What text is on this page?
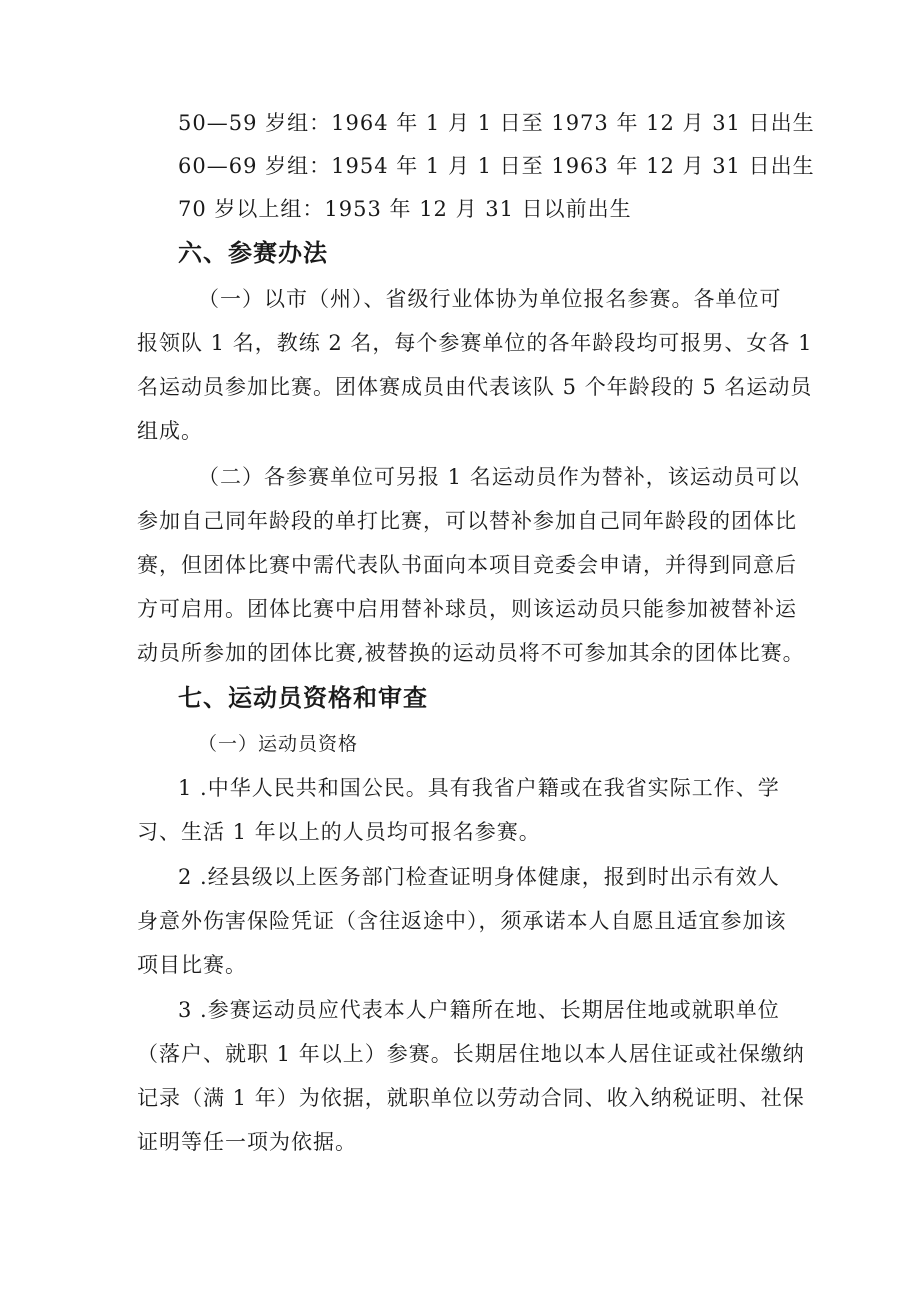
50—59 岁组：1964 年 1 月 1 日至 1973 年 12 月 31 日出生
60—69 岁组：1954 年 1 月 1 日至 1963 年 12 月 31 日出生
70 岁以上组：1953 年 12 月 31 日以前出生
六、参赛办法
（一）以市（州）、省级行业体协为单位报名参赛。各单位可
报领队 1 名，教练 2 名，每个参赛单位的各年龄段均可报男、女各 1
名运动员参加比赛。团体赛成员由代表该队 5 个年龄段的 5 名运动员
组成。
（二）各参赛单位可另报 1 名运动员作为替补，该运动员可以
参加自己同年龄段的单打比赛，可以替补参加自己同年龄段的团体比
赛，但团体比赛中需代表队书面向本项目竞委会申请，并得到同意后
方可启用。团体比赛中启用替补球员，则该运动员只能参加被替补运
动员所参加的团体比赛,被替换的运动员将不可参加其余的团体比赛。
七、运动员资格和审查
（一）运动员资格
1 .中华人民共和国公民。具有我省户籍或在我省实际工作、学
习、生活 1 年以上的人员均可报名参赛。
2 .经县级以上医务部门检查证明身体健康，报到时出示有效人
身意外伤害保险凭证（含往返途中），须承诺本人自愿且适宜参加该
项目比赛。
3 .参赛运动员应代表本人户籍所在地、长期居住地或就职单位
（落户、就职 1 年以上）参赛。长期居住地以本人居住证或社保缴纳
记录（满 1 年）为依据，就职单位以劳动合同、收入纳税证明、社保
证明等任一项为依据。
